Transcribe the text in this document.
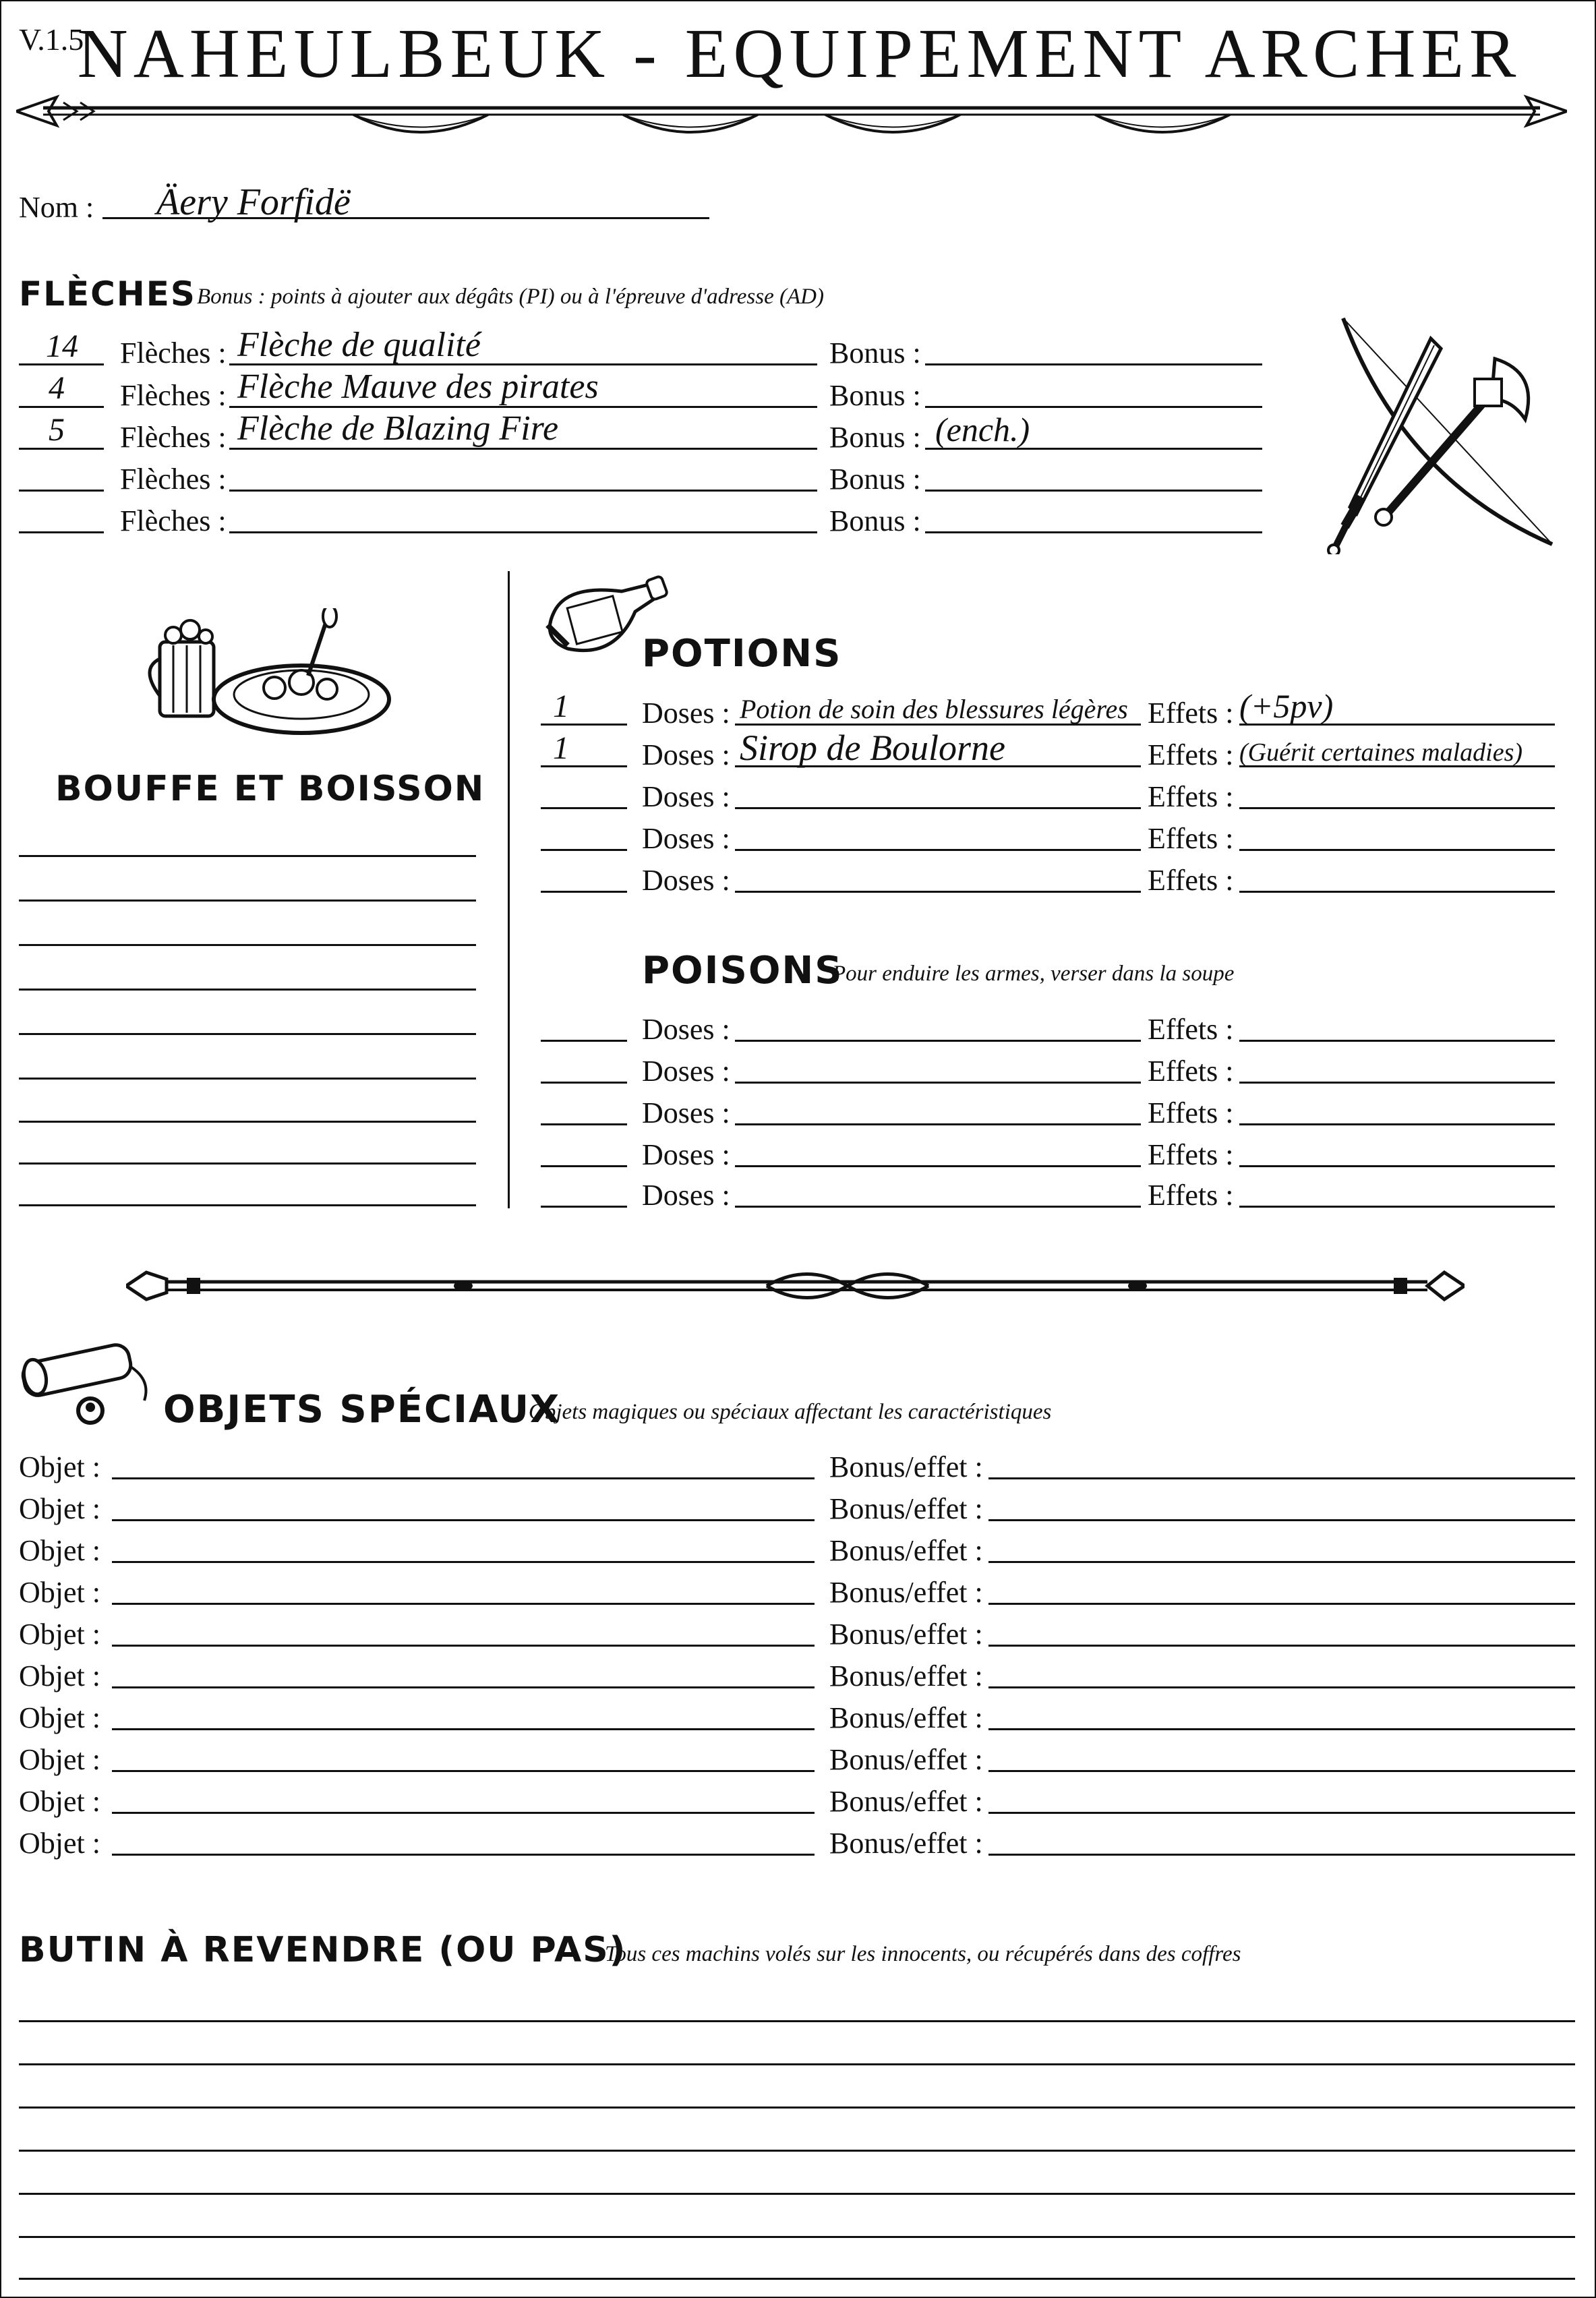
V.1.5
NAHEULBEUK - EQUIPEMENT ARCHER
Nom : Äery Forfidë
FLÈCHES Bonus : points à ajouter aux dégâts (PI) ou à l'épreuve d'adresse (AD)
14 Flèches : Flèche de qualité	Bonus :
4 Flèches : Flèche Mauve des pirates	Bonus :
5 Flèches : Flèche de Blazing Fire	Bonus : (ench.)
Flèches :	Bonus :
Flèches :	Bonus :
BOUFFE ET BOISSON
POTIONS
1 Doses : Potion de soin des blessures légères Effets : (+5pv)
1 Doses : Sirop de Boulorne	Effets : (Guérit certaines maladies)
Doses :	Effets :
Doses :	Effets :
Doses :	Effets :
POISONS
Pour enduire les armes, verser dans la soupe
Doses :	Effets :
Doses :	Effets :
Doses :	Effets :
Doses :	Effets :
Doses :	Effets :
OBJETS SPÉCIAUX
Objets magiques ou spéciaux affectant les caractéristiques
Objet :	Bonus/effet :
Objet :	Bonus/effet :
Objet :	Bonus/effet :
Objet :	Bonus/effet :
Objet :	Bonus/effet :
Objet :	Bonus/effet :
Objet :	Bonus/effet :
Objet :	Bonus/effet :
Objet :	Bonus/effet :
Objet :	Bonus/effet :
BUTIN À REVENDRE (OU PAS)
Tous ces machins volés sur les innocents, ou récupérés dans des coffres
